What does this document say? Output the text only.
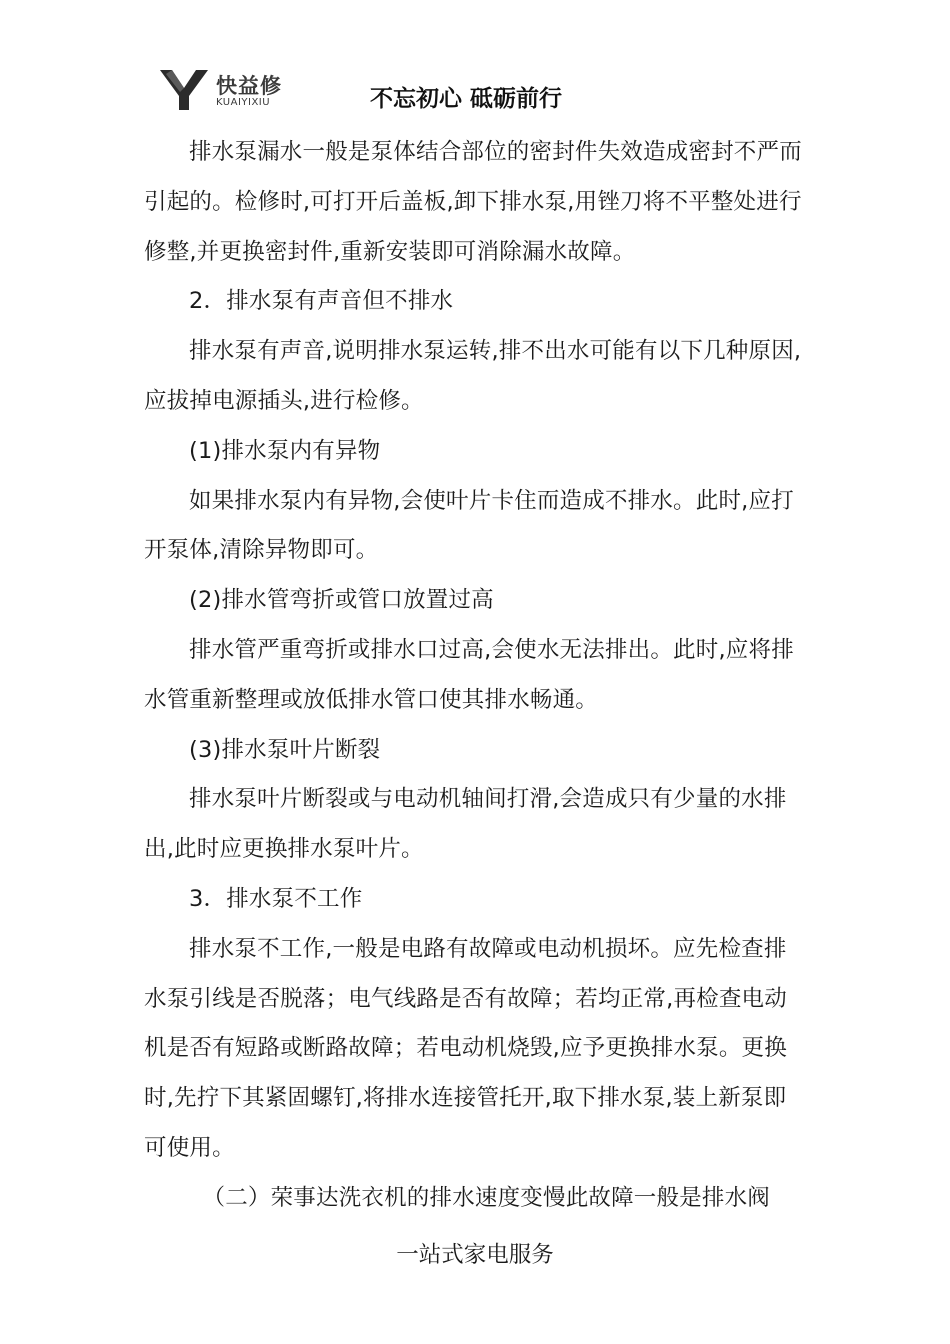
快益修
KUAIYIXIU	不忘初心 砥砺前行

排水泵漏水一般是泵体结合部位的密封件失效造成密封不严而引起的。检修时,可打开后盖板,卸下排水泵,用锉刀将不平整处进行修整,并更换密封件,重新安装即可消除漏水故障。

2．排水泵有声音但不排水

排水泵有声音,说明排水泵运转,排不出水可能有以下几种原因,应拔掉电源插头,进行检修。

(1)排水泵内有异物

如果排水泵内有异物,会使叶片卡住而造成不排水。此时,应打开泵体,清除异物即可。

(2)排水管弯折或管口放置过高

排水管严重弯折或排水口过高,会使水无法排出。此时,应将排水管重新整理或放低排水管口使其排水畅通。

(3)排水泵叶片断裂

排水泵叶片断裂或与电动机轴间打滑,会造成只有少量的水排出,此时应更换排水泵叶片。

3．排水泵不工作

排水泵不工作,一般是电路有故障或电动机损坏。应先检查排水泵引线是否脱落；电气线路是否有故障；若均正常,再检查电动机是否有短路或断路故障；若电动机烧毁,应予更换排水泵。更换时,先拧下其紧固螺钉,将排水连接管托开,取下排水泵,装上新泵即可使用。

（二）荣事达洗衣机的排水速度变慢此故障一般是排水阀

一站式家电服务
